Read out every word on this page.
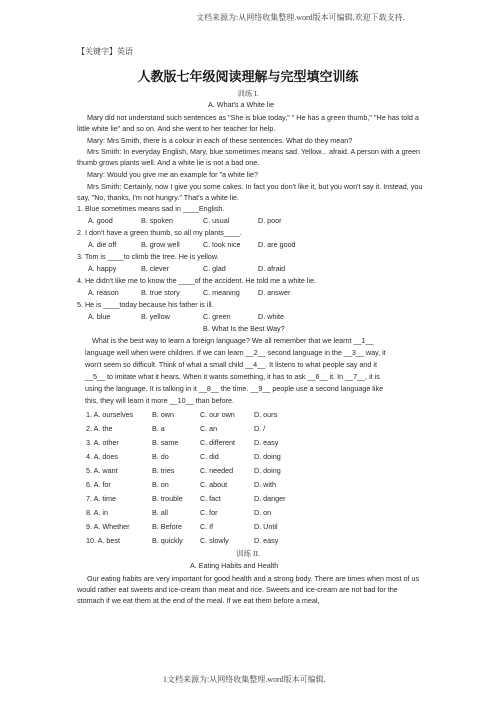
文档来源为:从网络收集整理.word版本可编辑.欢迎下载支持.
【关键字】英语
人教版七年级阅读理解与完型填空训练
训练 I.
A. What's a White lie
Mary did not understand such sentences as "She is blue today," " He has a green thumb," "He has told a little white lie" and so on. And she went to her teacher for help.
Mary: Mrs Smith, there is a colour in each of these sentences. What do they mean?
Mrs Smith: In everyday English, Mary, blue sometimes means sad. Yellow... afraid. A person with a green thumb grows plants well. And a white lie is not a bad one.
Mary: Would you give me an example for "a white lie?
Mrs Smith: Certainly, now I give you some cakes. In fact you don't like it, but you won't say it. Instead, you say, "No, thanks, I'm not hungry." That's a white lie.
1. Blue sometimes means sad in ____English.
A. good	B. spoken	C. usual	D. poor
2. I don't have a green thumb, so all my plants____.
A. die off	B. grow well	C. look nice D. are good
3. Tom is ____to climb the tree. He is yellow.
A. happy	B. clever	C. glad	D. afraid
4. He didn't like me to know the ____of the accident. He told me a white lie.
A. reason	B. true story	C. meaning	D. answer
5. He is ____today because his father is ill.
A. blue	B. yellow	C. green	D. white
B. What Is the Best Way?
What is the best way to learn a foreign language? We all remember that we learnt __1__
language well when were children. If we can learn __2__ second language in the __3__ way, it
won't seem so difficult. Think of what a small child __4__. It listens to what people say and it
__5__ to imitate what it hears. When it wants something, it has to ask __6__ it. In __7__, it is
using the language. It is talking in it __8__ the time. __9__ people use a second language like
this, they will learn it more __10__ than before.
1. A. ourselves	B. own	C. our own	D. ours
2. A. the	B. a	C. an	D. /
3. A. other	B. same	C. different	D. easy
4. A. does	B. do	C. did	D. doing
5. A. want	B. tries	C. needed	D. doing
6. A. for	B. on	C. about	D. with
7. A. time	B. trouble C. fact	D. danger
8. A. in	B. all	C. for	D. on
9. A. Whether	B. Before	C. If	D. Until
10. A. best	B. quickly C. slowly	D. easy
训练 II.
A. Eating Habits and Health
Our eating habits are very important for good health and a strong body. There are times when most of us would rather eat sweets and ice-cream than meat and rice. Sweets and ice-cream are not bad for the stomach if we eat them at the end of the meal. If we eat them before a meal,
1文档来源为:从网络收集整理.word版本可编辑.
